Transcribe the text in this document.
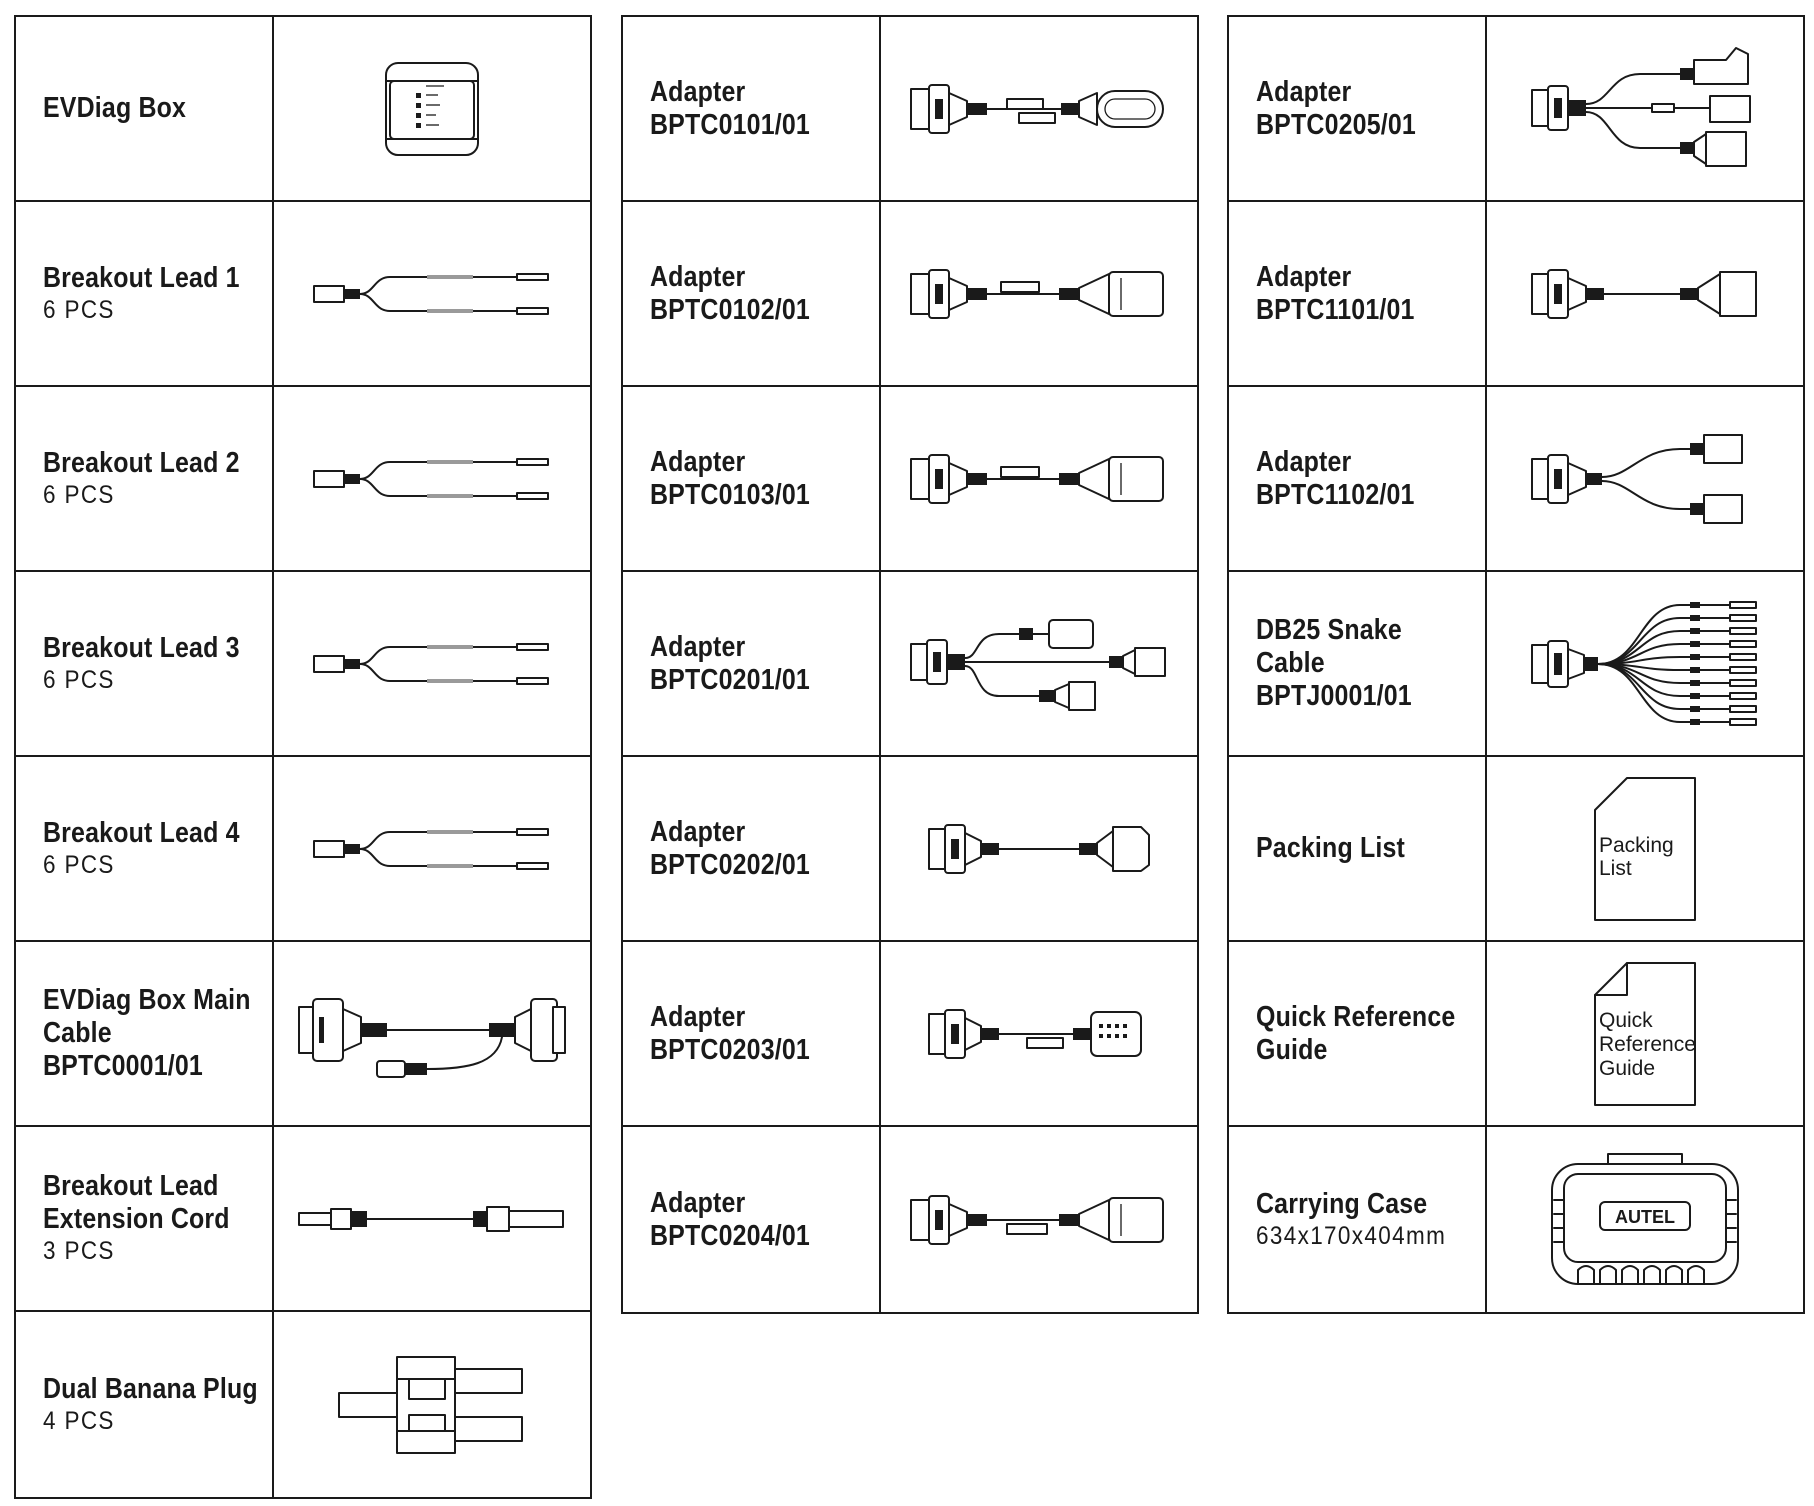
EVDiag Box
Breakout Lead 1
6 PCS
Breakout Lead 2
6 PCS
Breakout Lead 3
6 PCS
Breakout Lead 4
6 PCS
EVDiag Box Main
Cable
BPTC0001/01
Breakout Lead
Extension Cord
3 PCS
Dual Banana Plug
4 PCS
Adapter
BPTC0101/01
Adapter
BPTC0102/01
Adapter
BPTC0103/01
Adapter
BPTC0201/01
Adapter
BPTC0202/01
Adapter
BPTC0203/01
Adapter
BPTC0204/01
Adapter
BPTC0205/01
Adapter
BPTC1101/01
Adapter
BPTC1102/01
DB25 Snake
Cable
BPTJ0001/01
Packing List	Packing
List
Quick Reference
Guide
Quick
Reference
Guide
Carrying Case
634x170x404mm
AUTEL
